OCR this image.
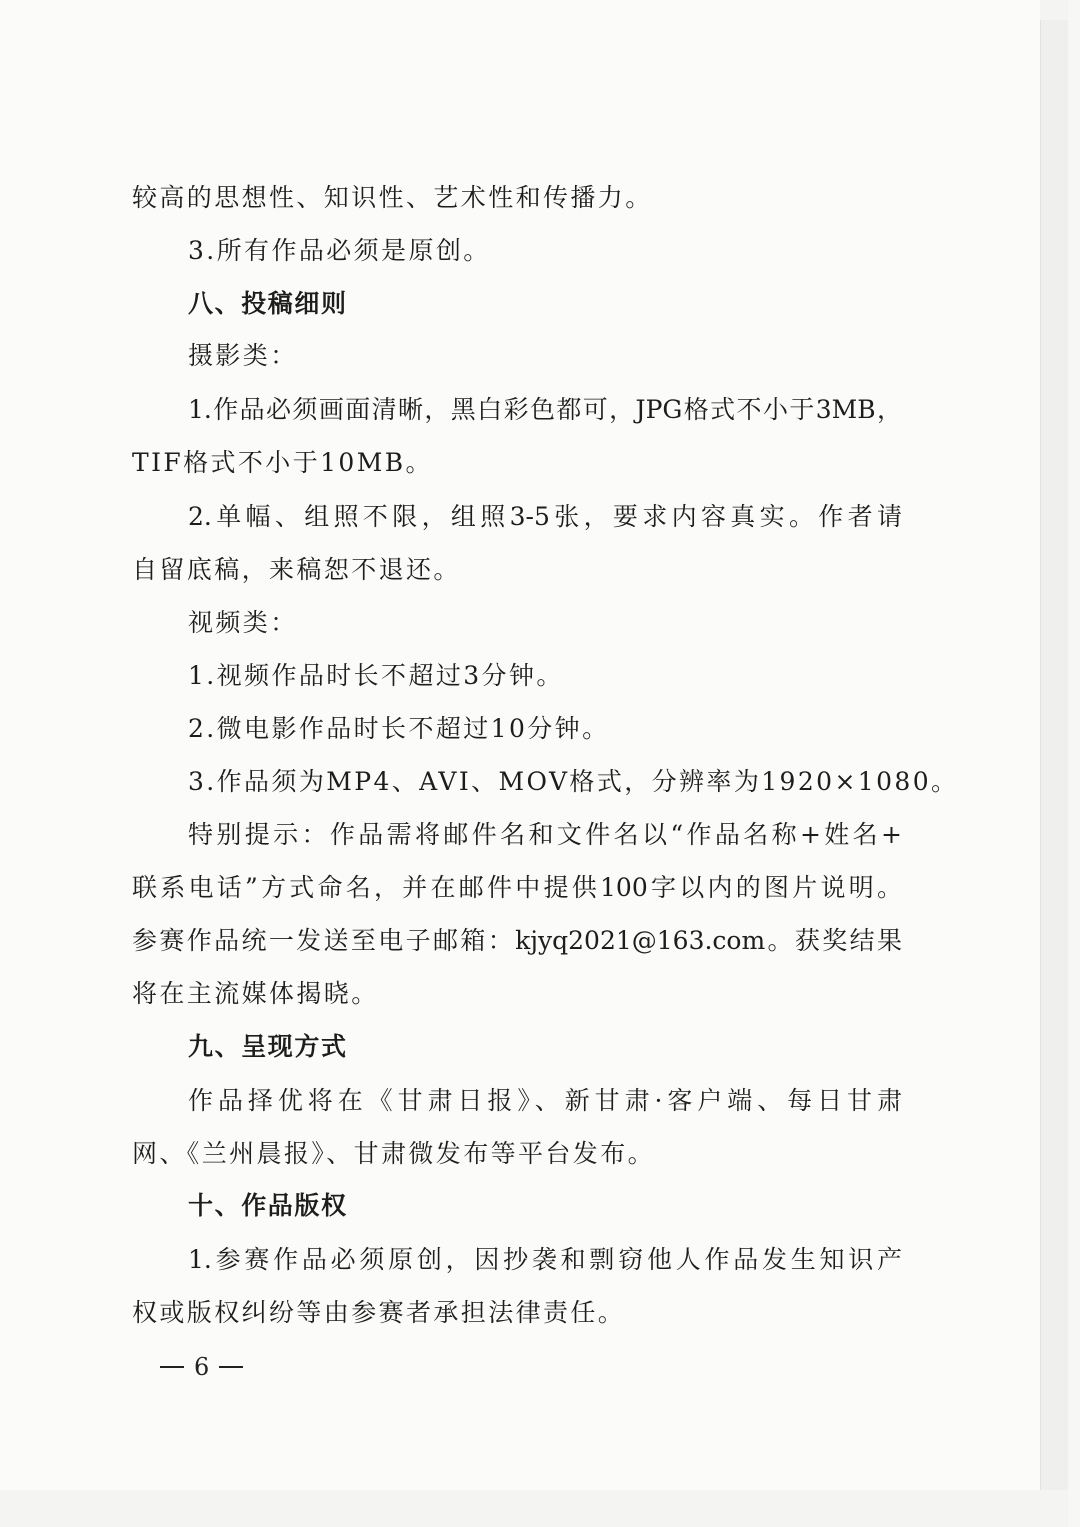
较高的思想性、知识性、艺术性和传播力。
3.所有作品必须是原创。
八、投稿细则
摄影类：
1.作品必须画面清晰，黑白彩色都可，JPG格式不小于3MB，
TIF格式不小于10MB。
2.单幅、组照不限，组照3-5张，要求内容真实。作者请
自留底稿，来稿恕不退还。
视频类：
1.视频作品时长不超过3分钟。
2.微电影作品时长不超过10分钟。
3.作品须为MP4、AVI、MOV格式，分辨率为1920×1080。
特别提示：作品需将邮件名和文件名以“作品名称+姓名+
联系电话”方式命名，并在邮件中提供100字以内的图片说明。
参赛作品统一发送至电子邮箱：kjyq2021@163.com。获奖结果
将在主流媒体揭晓。
九、呈现方式
作品择优将在《甘肃日报》、新甘肃·客户端、每日甘肃
网、《兰州晨报》、甘肃微发布等平台发布。
十、作品版权
1.参赛作品必须原创，因抄袭和剽窃他人作品发生知识产
权或版权纠纷等由参赛者承担法律责任。
6
